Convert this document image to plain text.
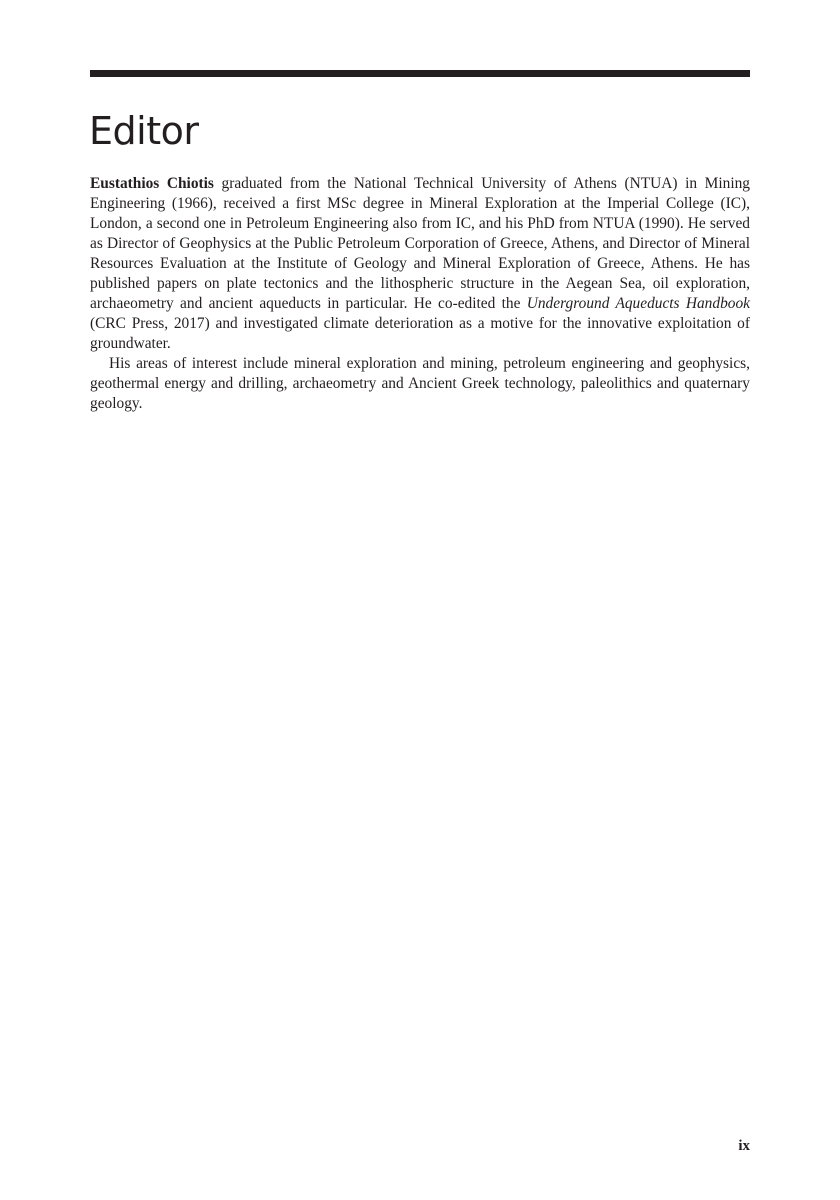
Editor

Eustathios Chiotis graduated from the National Technical University of Athens (NTUA) in Mining Engineering (1966), received a first MSc degree in Mineral Exploration at the Imperial College (IC), London, a second one in Petroleum Engineering also from IC, and his PhD from NTUA (1990). He served as Director of Geophysics at the Public Petroleum Corporation of Greece, Athens, and Director of Mineral Resources Evaluation at the Institute of Geology and Mineral Exploration of Greece, Athens. He has published papers on plate tectonics and the lithospheric structure in the Aegean Sea, oil exploration, archaeometry and ancient aqueducts in particular. He co-edited the Underground Aqueducts Handbook (CRC Press, 2017) and investigated climate deterioration as a motive for the innovative exploitation of groundwater.

His areas of interest include mineral exploration and mining, petroleum engineering and geophysics, geothermal energy and drilling, archaeometry and Ancient Greek technology, paleolithics and quaternary geology.

ix
